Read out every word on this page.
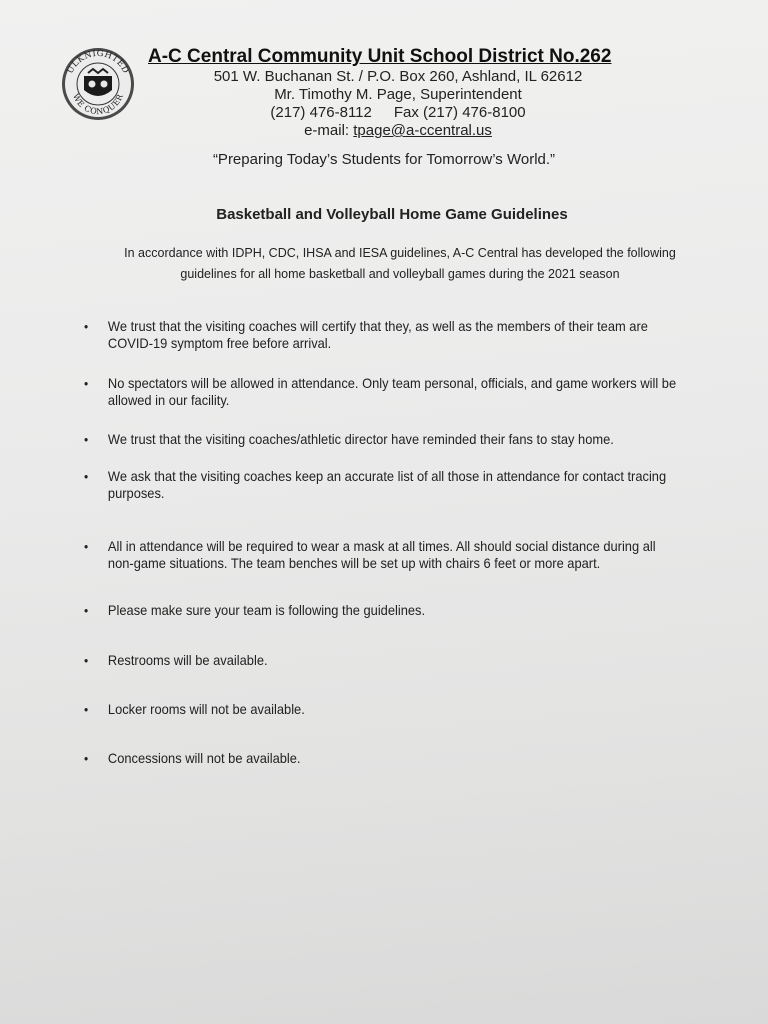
ULKNIGHTED
WE CONQUER

A-C Central Community Unit School District No.262

501 W. Buchanan St. / P.O. Box 260, Ashland, IL 62612
Mr. Timothy M. Page, Superintendent
(217) 476-8112 Fax (217) 476-8100
e-mail: tpage@a-ccentral.us
“Preparing Today’s Students for Tomorrow’s World.”
Basketball and Volleyball Home Game Guidelines
In accordance with IDPH, CDC, IHSA and IESA guidelines, A-C Central has developed the following
guidelines for all home basketball and volleyball games during the 2021 season
•	We trust that the visiting coaches will certify that they, as well as the members of their team are COVID-19 symptom free before arrival.
•	No spectators will be allowed in attendance. Only team personal, officials, and game workers will be allowed in our facility.
•	We trust that the visiting coaches/athletic director have reminded their fans to stay home.
•	We ask that the visiting coaches keep an accurate list of all those in attendance for contact tracing purposes.
•	All in attendance will be required to wear a mask at all times. All should social distance during all non-game situations. The team benches will be set up with chairs 6 feet or more apart.
•	Please make sure your team is following the guidelines.
•	Restrooms will be available.
•	Locker rooms will not be available.
•	Concessions will not be available.
